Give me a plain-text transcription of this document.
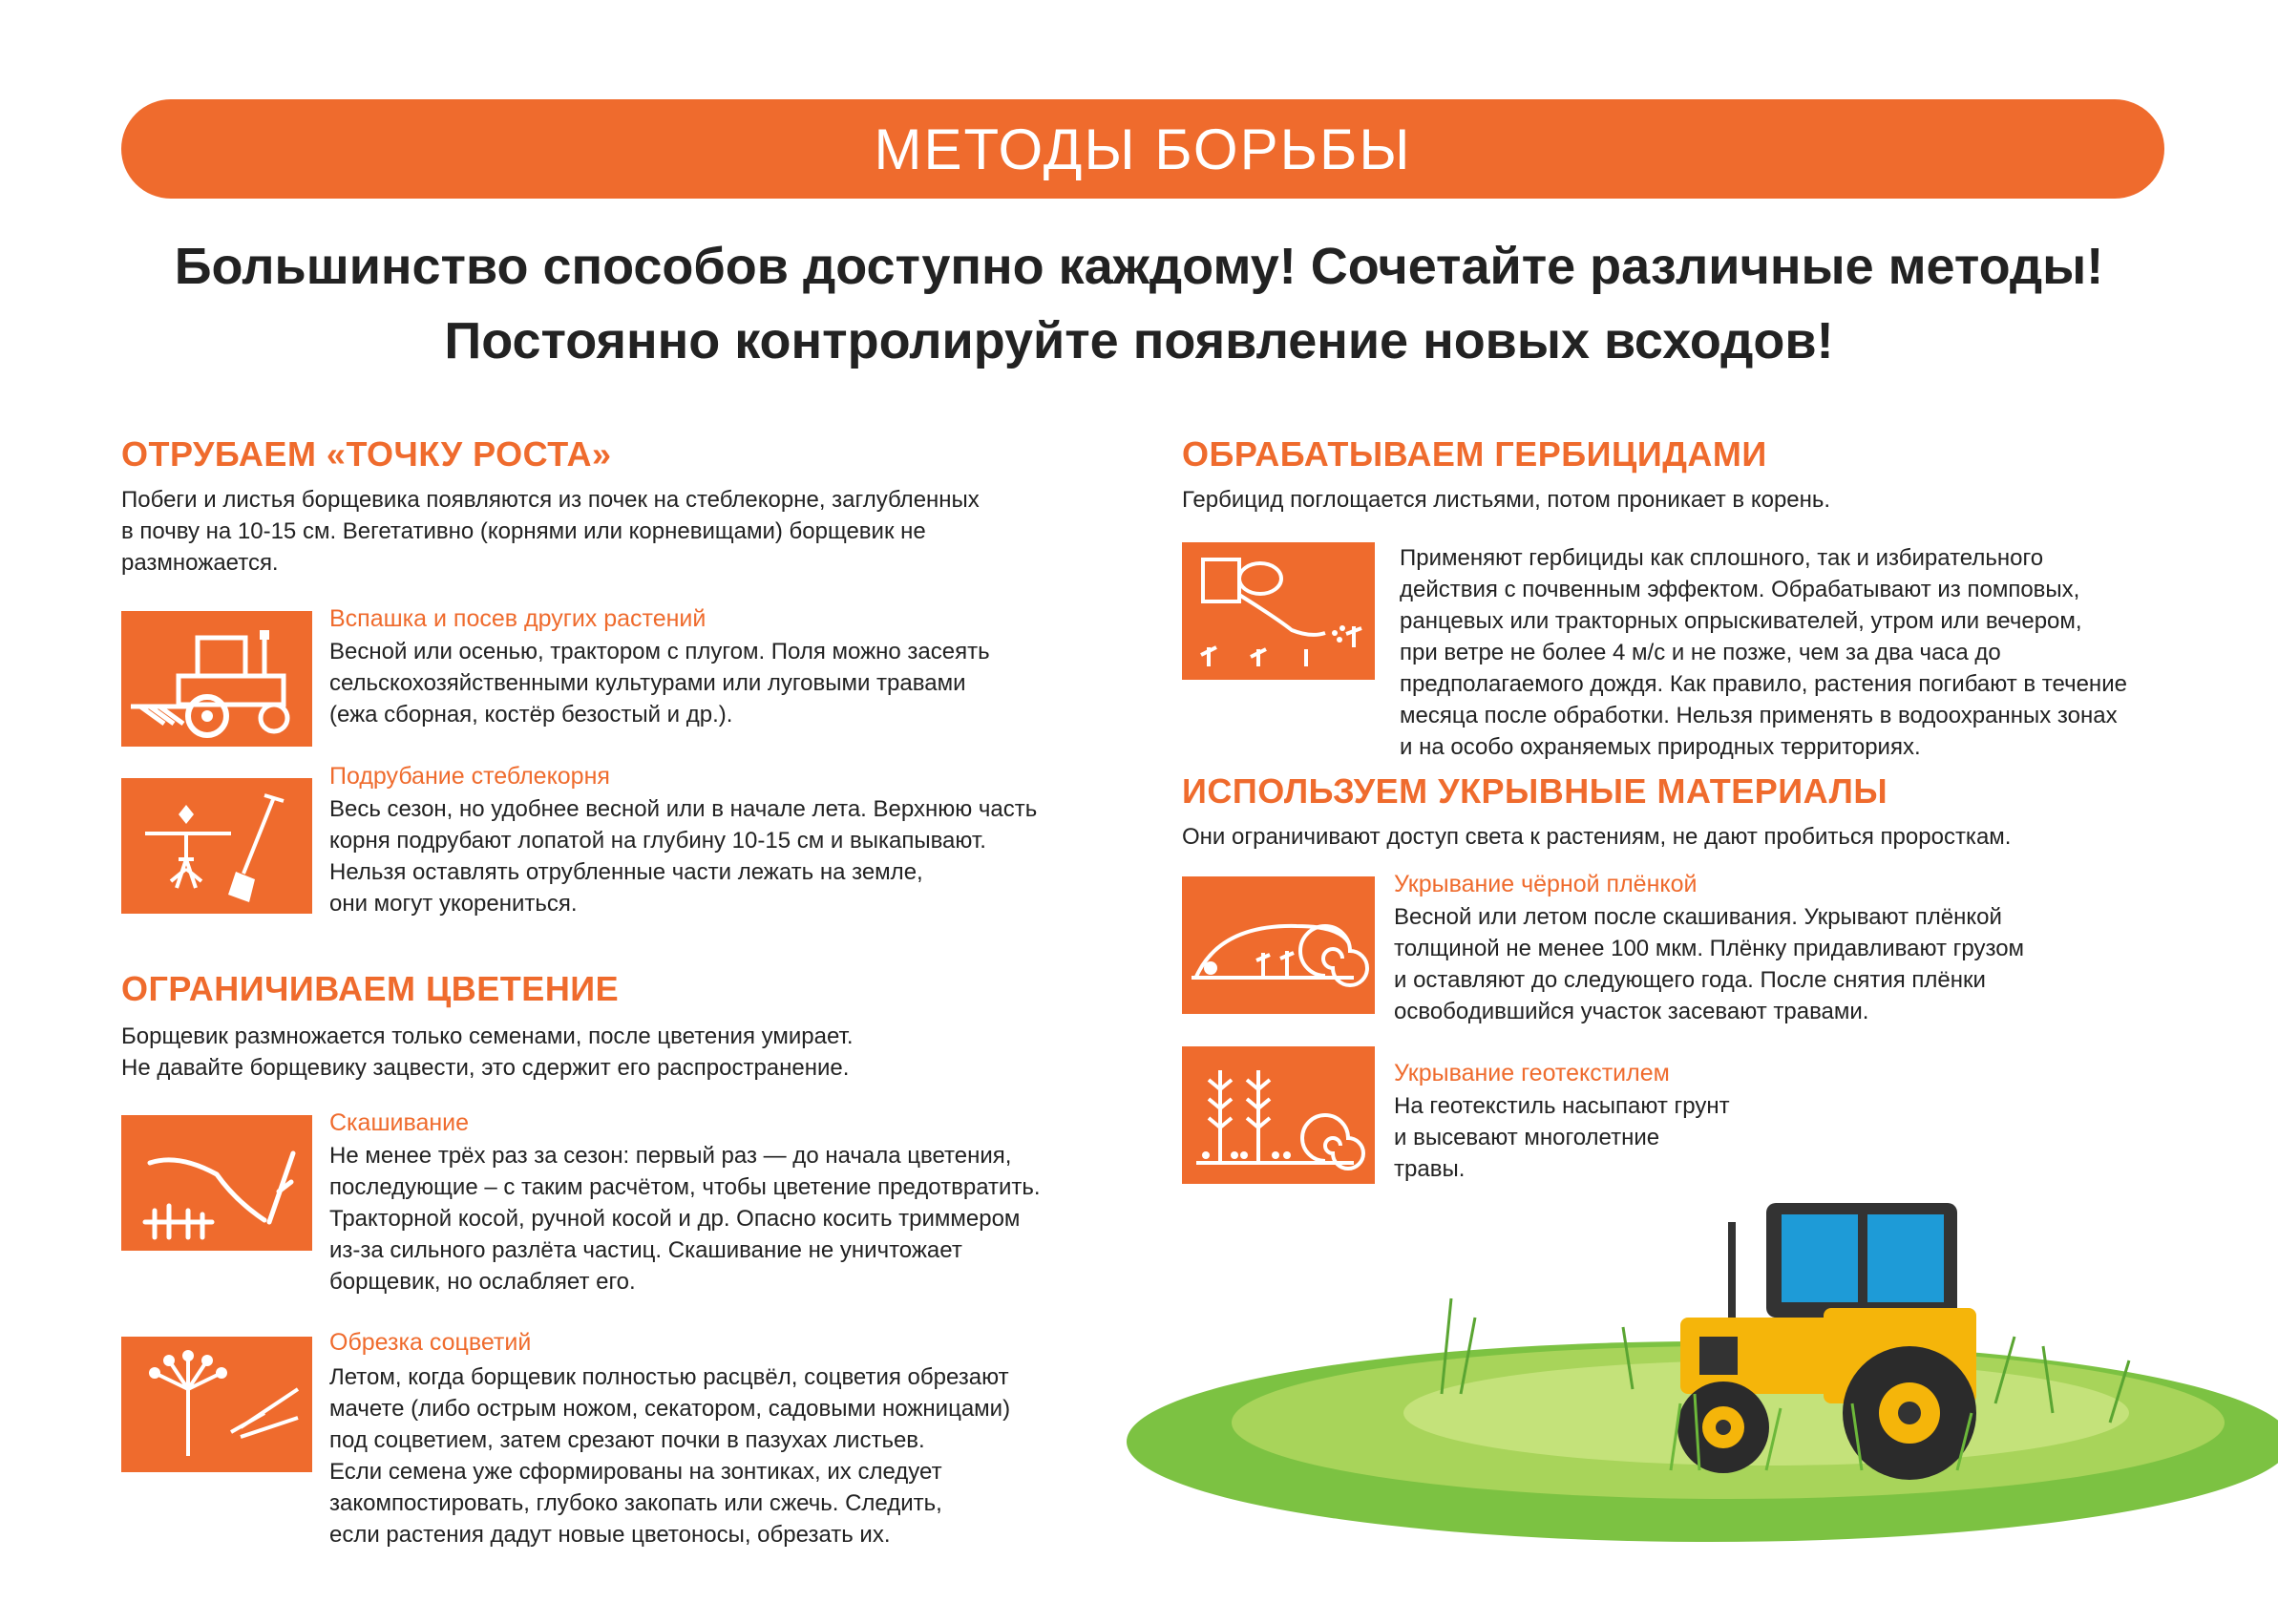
МЕТОДЫ БОРЬБЫ
Большинство способов доступно каждому! Сочетайте различные методы!
Постоянно контролируйте появление новых всходов!
ОТРУБАЕМ «ТОЧКУ РОСТА»
Побеги и листья борщевика появляются из почек на стеблекорне, заглубленных
в почву на 10-15 см. Вегетативно (корнями или корневищами) борщевик не
размножается.
Вспашка и посев других растений
Весной или осенью, трактором с плугом. Поля можно засеять
сельскохозяйственными культурами или луговыми травами
(ежа сборная, костёр безостый и др.).
Подрубание стеблекорня
Весь сезон, но удобнее весной или в начале лета. Верхнюю часть
корня подрубают лопатой на глубину 10-15 см и выкапывают.
Нельзя оставлять отрубленные части лежать на земле,
они могут укорениться.
ОГРАНИЧИВАЕМ ЦВЕТЕНИЕ
Борщевик размножается только семенами, после цветения умирает.
Не давайте борщевику зацвести, это сдержит его распространение.
Скашивание
Не менее трёх раз за сезон: первый раз — до начала цветения,
последующие – с таким расчётом, чтобы цветение предотвратить.
Тракторной косой, ручной косой и др. Опасно косить триммером
из-за сильного разлёта частиц. Скашивание не уничтожает
борщевик, но ослабляет его.
Обрезка соцветий
Летом, когда борщевик полностью расцвёл, соцветия обрезают
мачете (либо острым ножом, секатором, садовыми ножницами)
под соцветием, затем срезают почки в пазухах листьев.
Если семена уже сформированы на зонтиках, их следует
закомпостировать, глубоко закопать или сжечь. Следить,
если растения дадут новые цветоносы, обрезать их.
ОБРАБАТЫВАЕМ ГЕРБИЦИДАМИ
Гербицид поглощается листьями, потом проникает в корень.
Применяют гербициды как сплошного, так и избирательного
действия с почвенным эффектом. Обрабатывают из помповых,
ранцевых или тракторных опрыскивателей, утром или вечером,
при ветре не более 4 м/с и не позже, чем за два часа до
предполагаемого дождя. Как правило, растения погибают в течение
месяца после обработки. Нельзя применять в водоохранных зонах
и на особо охраняемых природных территориях.
ИСПОЛЬЗУЕМ УКРЫВНЫЕ МАТЕРИАЛЫ
Они ограничивают доступ света к растениям, не дают пробиться проросткам.
Укрывание чёрной плёнкой
Весной или летом после скашивания. Укрывают плёнкой
толщиной не менее 100 мкм. Плёнку придавливают грузом
и оставляют до следующего года. После снятия плёнки
освободившийся участок засевают травами.
Укрывание геотекстилем
На геотекстиль насыпают грунт
и высевают многолетние
травы.
